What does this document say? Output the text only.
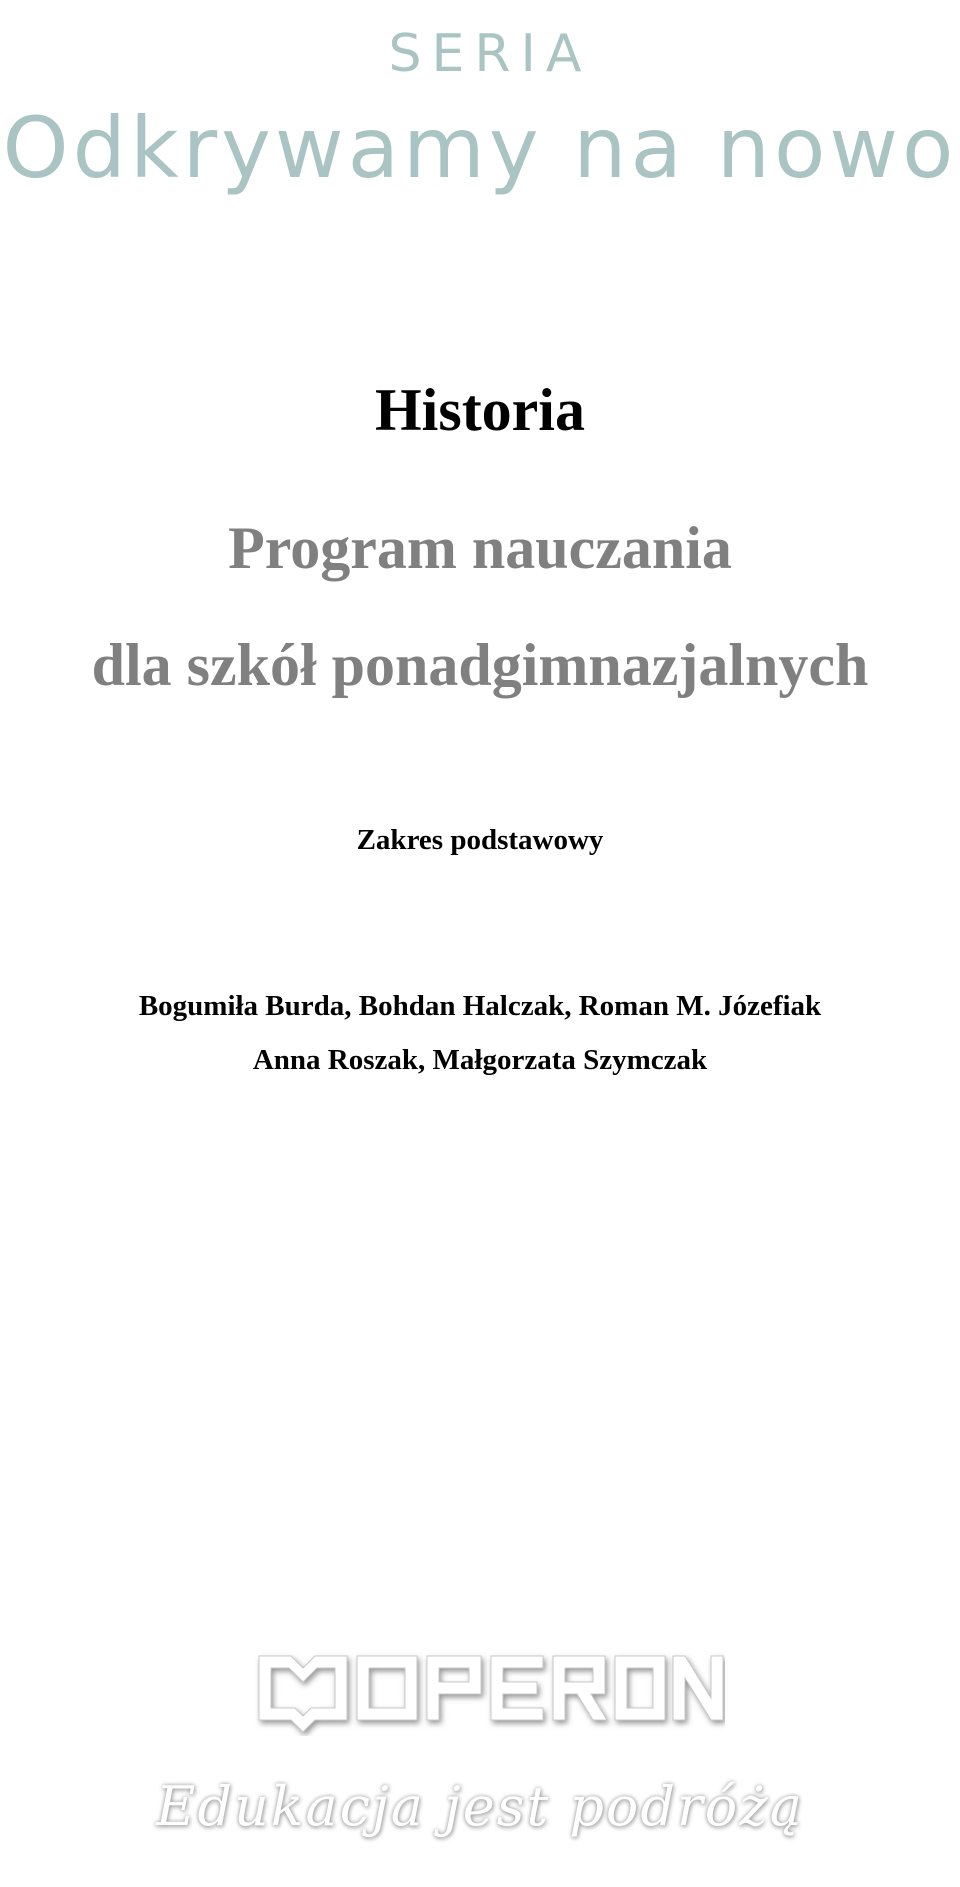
SERIA
Odkrywamy na nowo
Historia
Program nauczania
dla szkół ponadgimnazjalnych
Zakres podstawowy
Bogumiła Burda, Bohdan Halczak, Roman M. Józefiak
Anna Roszak, Małgorzata Szymczak
Edukacja jest podróżą
